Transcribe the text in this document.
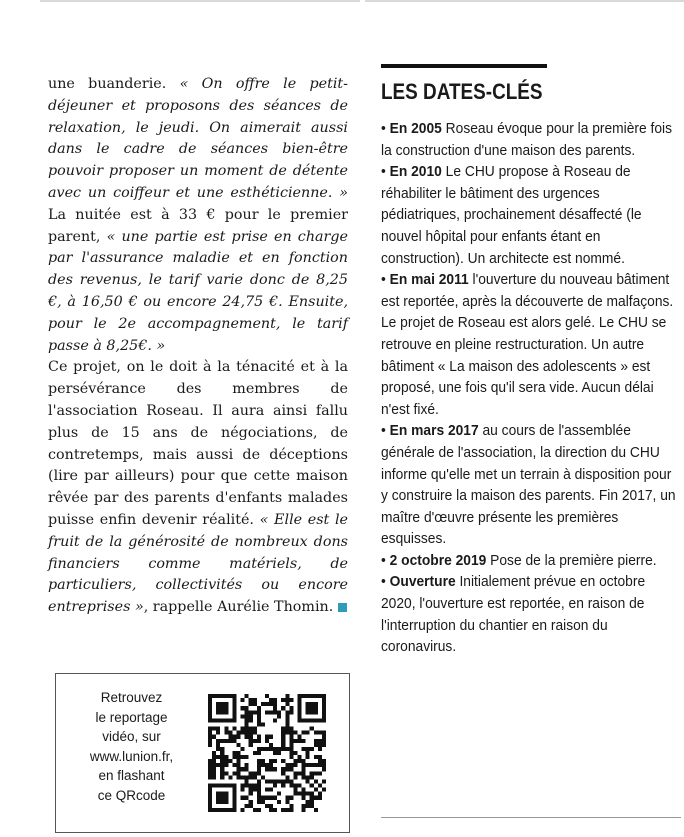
une buanderie. « On offre le petit-déjeuner et proposons des séances de relaxation, le jeudi. On aimerait aussi dans le cadre de séances bien-être pouvoir proposer un moment de détente avec un coiffeur et une esthéticienne. » La nuitée est à 33 € pour le premier parent, « une partie est prise en charge par l'assurance maladie et en fonction des revenus, le tarif varie donc de 8,25 €, à 16,50 € ou encore 24,75 €. Ensuite, pour le 2e accompagnement, le tarif passe à 8,25€. »

Ce projet, on le doit à la ténacité et à la persévérance des membres de l'association Roseau. Il aura ainsi fallu plus de 15 ans de négociations, de contretemps, mais aussi de déceptions (lire par ailleurs) pour que cette maison rêvée par des parents d'enfants malades puisse enfin devenir réalité. « Elle est le fruit de la générosité de nombreux dons financiers comme matériels, de particuliers, collectivités ou encore entreprises », rappelle Aurélie Thomin.

Retrouvez
le reportage
vidéo, sur
www.lunion.fr,
en flashant
ce QRcode
LES DATES-CLÉS

• En 2005 Roseau évoque pour la première fois la construction d'une maison des parents.

• En 2010 Le CHU propose à Roseau de réhabiliter le bâtiment des urgences pédiatriques, prochainement désaffecté (le nouvel hôpital pour enfants étant en construction). Un architecte est nommé.

• En mai 2011 l'ouverture du nouveau bâtiment est reportée, après la découverte de malfaçons. Le projet de Roseau est alors gelé. Le CHU se retrouve en pleine restructuration. Un autre bâtiment « La maison des adolescents » est proposé, une fois qu'il sera vide. Aucun délai n'est fixé.

• En mars 2017 au cours de l'assemblée générale de l'association, la direction du CHU informe qu'elle met un terrain à disposition pour y construire la maison des parents. Fin 2017, un maître d'œuvre présente les premières esquisses.

• 2 octobre 2019 Pose de la première pierre.

• Ouverture Initialement prévue en octobre 2020, l'ouverture est reportée, en raison de l'interruption du chantier en raison du coronavirus.
